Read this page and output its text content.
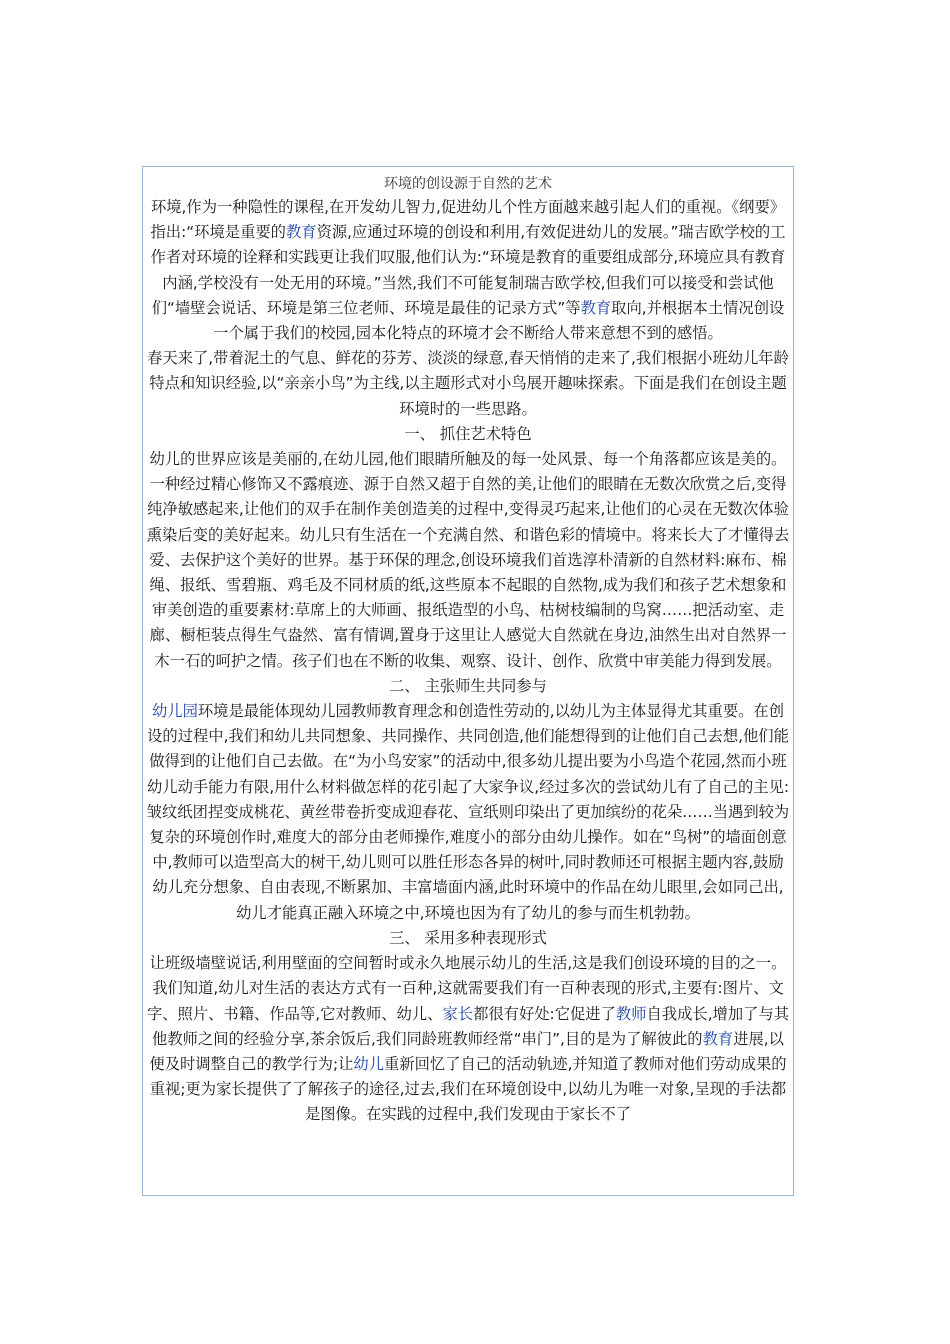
环境的创设源于自然的艺术

环境,作为一种隐性的课程,在开发幼儿智力,促进幼儿个性方面越来越引起人们的重视。《纲要》指出:“环境是重要的教育资源,应通过环境的创设和利用,有效促进幼儿的发展。”瑞吉欧学校的工作者对环境的诠释和实践更让我们叹服,他们认为:“环境是教育的重要组成部分,环境应具有教育内涵,学校没有一处无用的环境。”当然,我们不可能复制瑞吉欧学校,但我们可以接受和尝试他们“墙壁会说话、环境是第三位老师、环境是最佳的记录方式”等教育取向,并根据本土情况创设一个属于我们的校园,园本化特点的环境才会不断给人带来意想不到的感悟。

春天来了,带着泥土的气息、鲜花的芬芳、淡淡的绿意,春天悄悄的走来了,我们根据小班幼儿年龄特点和知识经验,以“亲亲小鸟”为主线,以主题形式对小鸟展开趣味探索。下面是我们在创设主题环境时的一些思路。

一、 抓住艺术特色

幼儿的世界应该是美丽的,在幼儿园,他们眼睛所触及的每一处风景、每一个角落都应该是美的。一种经过精心修饰又不露痕迹、源于自然又超于自然的美,让他们的眼睛在无数次欣赏之后,变得纯净敏感起来,让他们的双手在制作美创造美的过程中,变得灵巧起来,让他们的心灵在无数次体验熏染后变的美好起来。幼儿只有生活在一个充满自然、和谐色彩的情境中。将来长大了才懂得去爱、去保护这个美好的世界。基于环保的理念,创设环境我们首选淳朴清新的自然材料:麻布、棉绳、报纸、雪碧瓶、鸡毛及不同材质的纸,这些原本不起眼的自然物,成为我们和孩子艺术想象和审美创造的重要素材:草席上的大师画、报纸造型的小鸟、枯树枝编制的鸟窝……把活动室、走廊、橱柜装点得生气盎然、富有情调,置身于这里让人感觉大自然就在身边,油然生出对自然界一木一石的呵护之情。孩子们也在不断的收集、观察、设计、创作、欣赏中审美能力得到发展。

二、 主张师生共同参与

幼儿园环境是最能体现幼儿园教师教育理念和创造性劳动的,以幼儿为主体显得尤其重要。在创设的过程中,我们和幼儿共同想象、共同操作、共同创造,他们能想得到的让他们自己去想,他们能做得到的让他们自己去做。在“为小鸟安家”的活动中,很多幼儿提出要为小鸟造个花园,然而小班幼儿动手能力有限,用什么材料做怎样的花引起了大家争议,经过多次的尝试幼儿有了自己的主见:皱纹纸团捏变成桃花、黄丝带卷折变成迎春花、宣纸则印染出了更加缤纷的花朵……当遇到较为复杂的环境创作时,难度大的部分由老师操作,难度小的部分由幼儿操作。如在“鸟树”的墙面创意中,教师可以造型高大的树干,幼儿则可以胜任形态各异的树叶,同时教师还可根据主题内容,鼓励幼儿充分想象、自由表现,不断累加、丰富墙面内涵,此时环境中的作品在幼儿眼里,会如同己出,幼儿才能真正融入环境之中,环境也因为有了幼儿的参与而生机勃勃。

三、 采用多种表现形式

让班级墙壁说话,利用壁面的空间暂时或永久地展示幼儿的生活,这是我们创设环境的目的之一。我们知道,幼儿对生活的表达方式有一百种,这就需要我们有一百种表现的形式,主要有:图片、文字、照片、书籍、作品等,它对教师、幼儿、家长都很有好处:它促进了教师自我成长,增加了与其他教师之间的经验分享,茶余饭后,我们同龄班教师经常“串门”,目的是为了解彼此的教育进展,以便及时调整自己的教学行为;让幼儿重新回忆了自己的活动轨迹,并知道了教师对他们劳动成果的重视;更为家长提供了了解孩子的途径,过去,我们在环境创设中,以幼儿为唯一对象,呈现的手法都是图像。在实践的过程中,我们发现由于家长不了
